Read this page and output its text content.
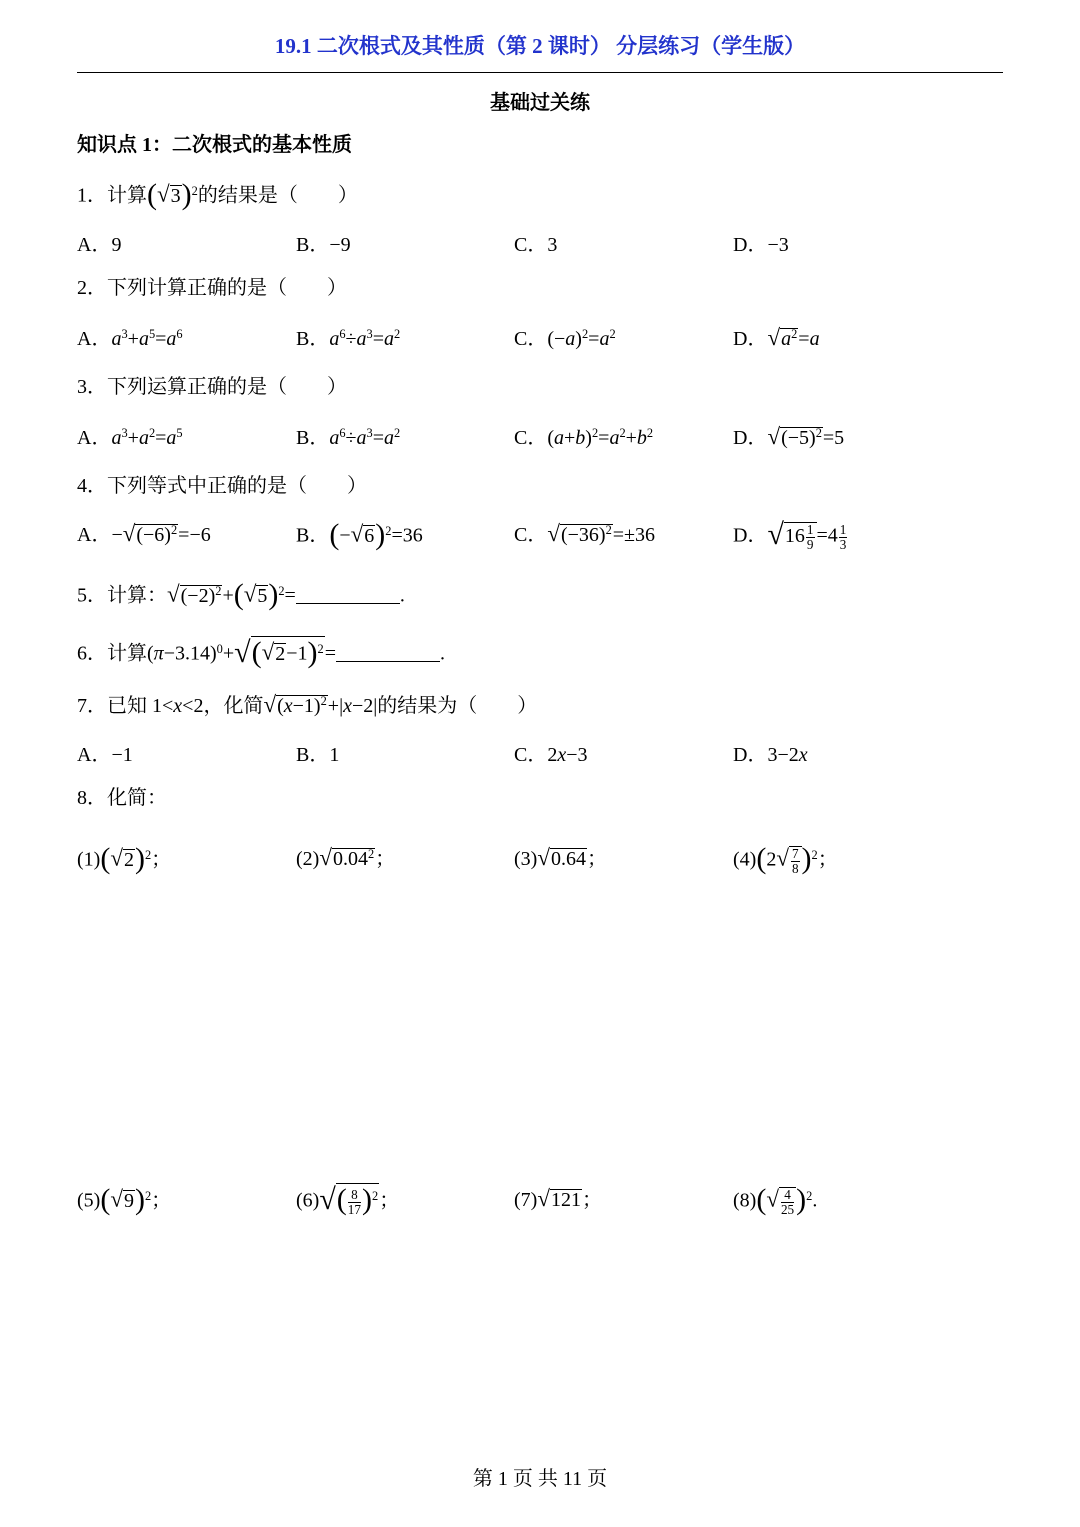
19.1 二次根式及其性质（第 2 课时） 分层练习（学生版）
基础过关练
知识点 1：二次根式的基本性质
1．计算$(√3)^2$的结果是（　　）
A．9	B．−9	C．3	D．−3
2．下列计算正确的是（　　）
A．$a^3+a^5=a^6$	B．$a^6\div a^3=a^2$	C．$(-a)^2=a^2$	D．$√a^2=a$
3．下列运算正确的是（　　）
A．$a^3+a^2=a^5$	B．$a^6\div a^3=a^2$	C．$(a+b)^2=a^2+b^2$	D．$√(-5)^2=5$
4．下列等式中正确的是（　　）
A．$-√(-6)^2=-6$	B．$(-√6)^2=36$	C．$√(-36)^2=\pm 36$	D．$√16 \frac{1}{9} =4 \frac{1}{3}$
5．计算：$√(-2)^2+(√5)^2=$	.
6．计算$(\pi-3.14)^0+√(√2-1)^2=$	.
7．已知 1<x<2，化简$√(x-1)^2+|x-2|$的结果为（　　）
A．−1	B．1	C．2x−3	D．3−2x
8．化简：
$(1)(√2)^2$；	(2)√0.04$^2$；	(3)√0.64；	$(4)(2√ \frac{7}{8} )^2$；
$(5)(√9)^2$；	$(6)√( \frac{8}{17} )^2$；	(7)√121；	$(8)(√ \frac{4}{25} )^2$.
第 1 页 共 11 页
